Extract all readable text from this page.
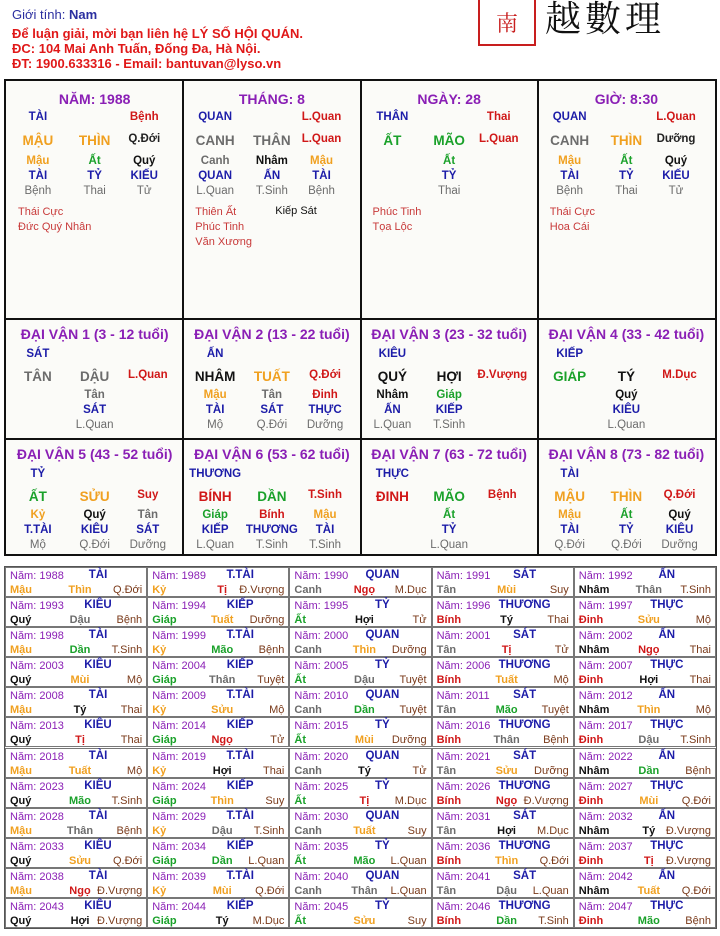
Giới tính: Nam
Để luận giải, mời bạn liên hệ LÝ SỐ HỘI QUÁN.
ĐC: 104 Mai Anh Tuấn, Đống Đa, Hà Nội.
ĐT: 1900.633316 - Email: bantuvan@lyso.vn
南 越數理
NĂM: 1988
TÀI	Bệnh
MẬU	THÌN	Q.Đới
Mậu	Ất	Quý
TÀI	TỶ	KIẾU
Bệnh	Thai	Tử
Thái Cực
Đức Quý Nhân
THÁNG: 8
QUAN	L.Quan
CANH	THÂN L.Quan
Canh	Nhâm	Mậu
QUAN	ẤN	TÀI
L.Quan	T.Sinh	Bệnh
Thiên Ất
Phúc Tinh
Văn Xương
Kiếp Sát
NGÀY: 28
THÂN	Thai
ẤT	MÃO	L.Quan
Ất
TỶ
Thai
Phúc Tinh
Tọa Lộc
GIỜ: 8:30
QUAN	L.Quan
CANH	THÌN	Dưỡng
Mậu	Ất	Quý
TÀI	TỶ	KIẾU
Bệnh	Thai	Tử
Thái Cực
Hoa Cái
ĐẠI VẬN 1 (3 - 12 tuổi)
SÁT
TÂN	DẬU	L.Quan
Tân
SÁT
L.Quan
ĐẠI VẬN 2 (13 - 22 tuổi)
ẤN
NHÂM	TUẤT	Q.Đới
Mậu	Tân	Đinh
TÀI	SÁT	THỰC
Mộ	Q.Đới	Dưỡng
ĐẠI VẬN 3 (23 - 32 tuổi)
KIÊU
QUÝ	HỢI	Đ.Vượng
Nhâm	Giáp
ẤN	KIẾP
L.Quan	T.Sinh
ĐẠI VẬN 4 (33 - 42 tuổi)
KIẾP
GIÁP	TÝ	M.Dục
Quý
KIÊU
L.Quan
ĐẠI VẬN 5 (43 - 52 tuổi)
TỶ
ẤT	SỬU	Suy
Kỷ	Quý	Tân
T.TÀI	KIÊU	SÁT
Mộ	Q.Đới	Dưỡng
ĐẠI VẬN 6 (53 - 62 tuổi)
THƯƠNG
BÍNH	DẦN	T.Sinh
Giáp	Bính	Mậu
KIẾP	THƯƠNG	TÀI
L.Quan	T.Sinh	T.Sinh
ĐẠI VẬN 7 (63 - 72 tuổi)
THỰC
ĐINH	MÃO	Bệnh
Ất
TỶ
L.Quan
ĐẠI VẬN 8 (73 - 82 tuổi)
TÀI
MẬU	THÌN	Q.Đới
Mậu	Ất	Quý
TÀI	TỶ	KIÊU
Q.Đới	Q.Đới	Dưỡng
Năm: 1988	TÀI
Mậu	Thìn	Q.Đới
Năm: 1989	T.TÀI
Kỷ	Tị	Đ.Vượng
Năm: 1990	QUAN
Canh	Ngọ	M.Dục
Năm: 1991	SÁT
Tân	Mùi	Suy
Năm: 1992	ẤN
Nhâm	Thân	T.Sinh
Năm: 1993	KIÊU
Quý	Dậu	Bệnh
Năm: 1994	KIẾP
Giáp	Tuất	Dưỡng
Năm: 1995	TỶ
Ất	Hợi	Tử
Năm: 1996 THƯƠNG
Bính	Tý	Thai
Năm: 1997	THỰC
Đinh	Sửu	Mộ
Năm: 1998	TÀI
Mậu	Dần	T.Sinh
Năm: 1999	T.TÀI
Kỷ	Mão	Bệnh
Năm: 2000	QUAN
Canh	Thìn	Dưỡng
Năm: 2001	SÁT
Tân	Tị	Tử
Năm: 2002	ẤN
Nhâm	Ngọ	Thai
Năm: 2003	KIÊU
Quý	Mùi	Mộ
Năm: 2004	KIẾP
Giáp	Thân	Tuyệt
Năm: 2005	TỶ
Ất	Dậu	Tuyệt
Năm: 2006 THƯƠNG
Bính	Tuất	Mộ
Năm: 2007	THỰC
Đinh	Hợi	Thai
Năm: 2008	TÀI
Mậu	Tý	Thai
Năm: 2009	T.TÀI
Kỷ	Sửu	Mộ
Năm: 2010	QUAN
Canh	Dần	Tuyệt
Năm: 2011	SÁT
Tân	Mão	Tuyệt
Năm: 2012	ẤN
Nhâm	Thìn	Mộ
Năm: 2013	KIÊU
Quý	Tị	Thai
Năm: 2014	KIẾP
Giáp	Ngọ	Tử
Năm: 2015	TỶ
Ất	Mùi	Dưỡng
Năm: 2016 THƯƠNG
Bính	Thân	Bệnh
Năm: 2017	THỰC
Đinh	Dậu	T.Sinh
Năm: 2018	TÀI
Mậu	Tuất	Mộ
Năm: 2019	T.TÀI
Kỷ	Hợi	Thai
Năm: 2020	QUAN
Canh	Tý	Tử
Năm: 2021	SÁT
Tân	Sửu	Dưỡng
Năm: 2022	ẤN
Nhâm	Dần	Bệnh
Năm: 2023	KIÊU
Quý	Mão	T.Sinh
Năm: 2024	KIẾP
Giáp	Thìn	Suy
Năm: 2025	TỶ
Ất	Tị	M.Dục
Năm: 2026 THƯƠNG
Bính	Ngọ Đ.Vượng
Năm: 2027	THỰC
Đinh	Mùi	Q.Đới
Năm: 2028	TÀI
Mậu	Thân	Bệnh
Năm: 2029	T.TÀI
Kỷ	Dậu	T.Sinh
Năm: 2030	QUAN
Canh	Tuất	Suy
Năm: 2031	SÁT
Tân	Hợi	M.Dục
Năm: 2032	ẤN
Nhâm	Tý Đ.Vượng
Năm: 2033	KIÊU
Quý	Sửu	Q.Đới
Năm: 2034	KIẾP
Giáp	Dần	L.Quan
Năm: 2035	TỶ
Ất	Mão	L.Quan
Năm: 2036 THƯƠNG
Bính	Thìn	Q.Đới
Năm: 2037	THỰC
Đinh	Tị	Đ.Vượng
Năm: 2038	TÀI
Mậu	Ngọ Đ.Vượng
Năm: 2039	T.TÀI
Kỷ	Mùi	Q.Đới
Năm: 2040	QUAN
Canh	Thân	L.Quan
Năm: 2041	SÁT
Tân	Dậu	L.Quan
Năm: 2042	ẤN
Nhâm	Tuất	Q.Đới
Năm: 2043	KIÊU
Quý	Hợi Đ.Vượng
Năm: 2044	KIẾP
Giáp	Tý	M.Dục
Năm: 2045	TỶ
Ất	Sửu	Suy
Năm: 2046 THƯƠNG
Bính	Dần	T.Sinh
Năm: 2047	THỰC
Đinh	Mão	Bệnh
